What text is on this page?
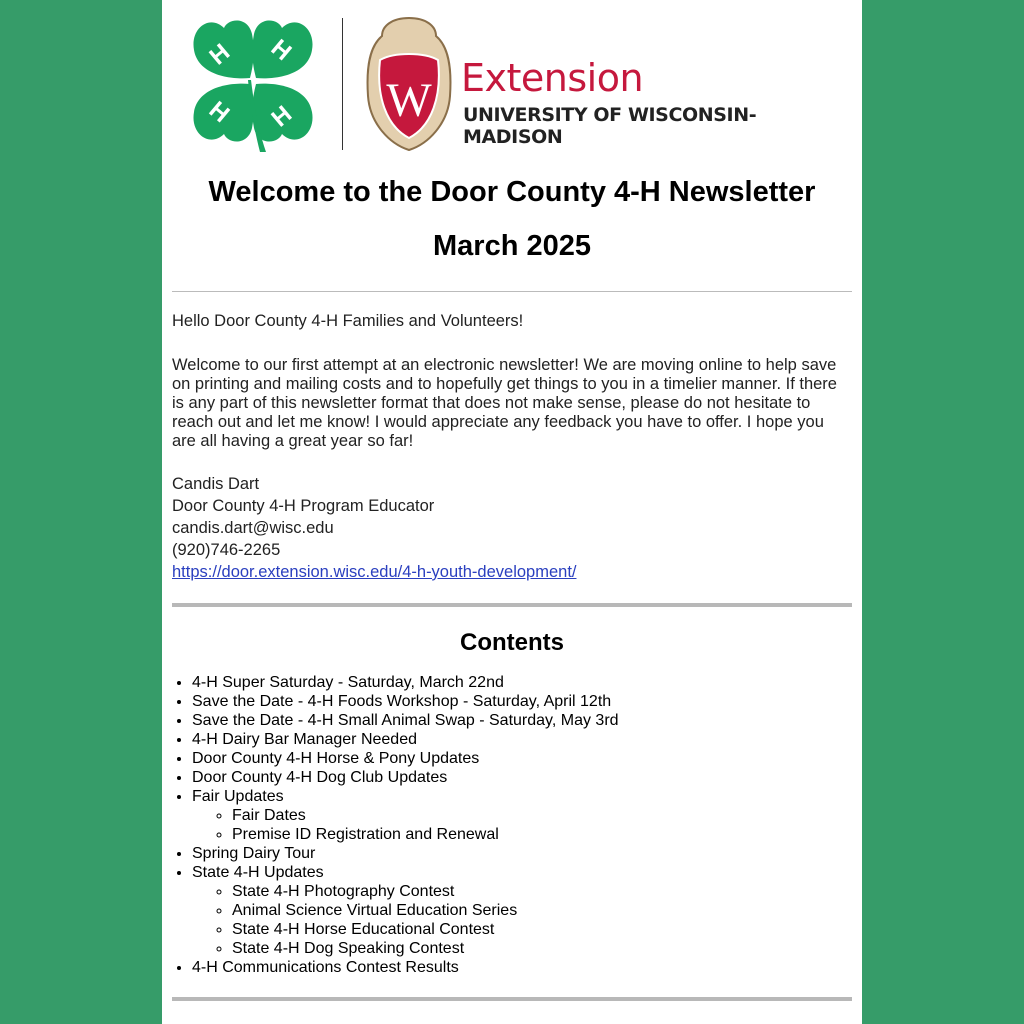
H H
H H W Extension
UNIVERSITY OF WISCONSIN-MADISON
Welcome to the Door County 4-H Newsletter
March 2025

Hello Door County 4-H Families and Volunteers!

Welcome to our first attempt at an electronic newsletter! We are moving online to help save on printing and mailing costs and to hopefully get things to you in a timelier manner. If there is any part of this newsletter format that does not make sense, please do not hesitate to reach out and let me know! I would appreciate any feedback you have to offer. I hope you are all having a great year so far!

Candis Dart

Door County 4-H Program Educator

candis.dart@wisc.edu

(920)746-2265

https://door.extension.wisc.edu/4-h-youth-development/

Contents
• 4-H Super Saturday - Saturday, March 22nd
• Save the Date - 4-H Foods Workshop - Saturday, April 12th
• Save the Date - 4-H Small Animal Swap - Saturday, May 3rd
• 4-H Dairy Bar Manager Needed
• Door County 4-H Horse & Pony Updates
• Door County 4-H Dog Club Updates
• Fair Updates
◦ Fair Dates
◦ Premise ID Registration and Renewal
• Spring Dairy Tour
• State 4-H Updates
◦ State 4-H Photography Contest
◦ Animal Science Virtual Education Series
◦ State 4-H Horse Educational Contest
◦ State 4-H Dog Speaking Contest
• 4-H Communications Contest Results
